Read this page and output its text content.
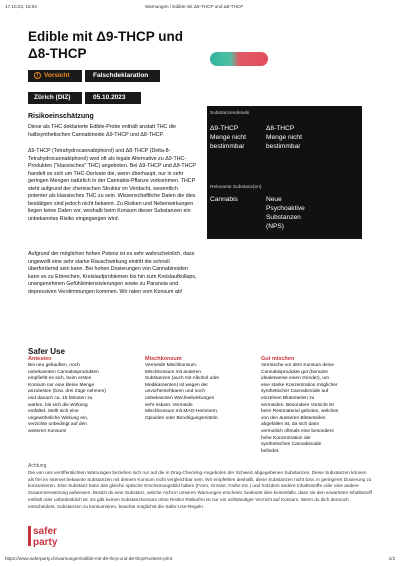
17.10.23, 15:54	Warnungen / Edible mit Δ9-THCP und Δ8-THCP
Edible mit Δ9-THCP und Δ8-THCP
! Vorsicht	Falschdeklaration
Zürich (DIZ)	05.10.2023
Risikoeinschätzung
Diese als THC deklarierte Edible-Probe enthält anstatt THC die halbsynthetischen Cannabinoide Δ9-THCP und Δ8-THCP.
Δ9-THCP (Tetrahydrocannabiphorol) und Δ8-THCP (Delta-8-Tetrahydrocannabiphorol) wird oft als legale Alternative zu Δ9-THC-Produkten ("klassisches" THC) angeboten. Bei Δ9-THCP und Δ8-THCP handelt es sich um THC-Derivate die, wenn überhaupt, nur in sehr geringen Mengen natürlich in der Cannabis-Pflanze vorkommen. THCP steht aufgrund der chemischen Struktur im Verdacht, wesentlich potenter als klassisches THC zu sein. Wissenschaftliche Daten die dies bestätigen sind jedoch nicht bekannt. Zu Risiken und Nebenwirkungen liegen keine Daten vor, weshalb beim Konsum dieser Substanzen ein unbekanntes Risiko eingegangen wird.
Aufgrund der möglichen hohen Potenz ist es sehr wahrscheinlich, dass ungewollt eine sehr starke Rauschwirkung eintritt die schnell überfordernd sein kann. Bei hohen Dosierungen von Cannabinoiden kann es zu Erbrechen, Kreislaufproblemen bis hin zum Kreislaufkollaps, unangenehmen Gefühlsintensivierungen sowie zu Paranoia und depressiven Verstimmungen kommen. Wir raten vom Konsum ab!
Substanzendetails
Δ9-THCP
Menge nicht bestimmbar
Δ8-THCP
Menge nicht bestimmbar
Relevante Substanz(en)
Cannabis	Neue Psychoaktive Substanzen (NPS)
Safer Use
Antesten
Bei neu gekauften, noch unbekannten Cannabisprodukten empfiehlt es sich, beim ersten Konsum nur eine kleine Menge anzutesten (bzw. drei Züge nehmen) und danach ca. 15 Minuten zu warten, bis sich die Wirkung entfaltet. Stellt sich eine ungewöhnliche Wirkung ein, verzichte unbedingt auf den weiteren Konsum!
Mischkonsum
Vermeide Mischkonsum. Mischkonsum mit anderen Substanzen (auch mit Alkohol oder Medikamenten) ist wegen der unvorhersehbaren und noch unbekannten Wechselwirkungen sehr riskant. Vermeide Mischkonsum mit MAO-Hemmern, Opioiden oder Beruhigungsmitteln.
Gut mischen
Vermische vor dem Konsum deine Cannabisprodukte gut (benutze idealerweise einen Grinder), um eine starke Konzentration möglicher synthetischer Cannabinoide auf einzelnen Blütenteilen zu vermeiden. Besondere Vorsicht ist beim Restmaterial geboten, welches von den äusseren Blütenteilen abgefallen ist, da sich darin vermutlich oftmals eine besonders hohe Konzentration der synthetischen Cannabinoide befindet.
Achtung
Die von uns veröffentlichten Warnungen beziehen sich nur auf die in Drug-Checking-Angeboten der Schweiz abgegebenen Substanzen. Diese Substanzen können als frei im Internet bekannte Substanzen mit deinem Konsum nicht vergleichbar sein. Wir empfehlen deshalb, diese Substanzen nicht bzw. in geringerer Dosierung zu konsumieren. Eine Substanz kann das gleiche optische Erscheinungsbild haben (Form, Grösse, Farbe etc.) und trotzdem andere Inhaltsstoffe oder eine andere Zusammensetzung aufweisen. Besitzt du eine Substanz, welche nicht in unseren Warnungen erscheint, bedeutet dies keinesfalls, dass sie den erwarteten Inhaltsstoff enthält oder unbedenklich ist. Es gibt keinen Substanzkonsum ohne Risiko! Risikofrei ist nur ein vollständiger Verzicht auf Konsum. Wenn du dich dennoch entscheidest, Substanzen zu konsumieren, beachte möglichst die Safer-Use-Regeln.
safer
party
https://www.saferparty.ch/warnungen/edible-mit-d9-thcp-und-d8-thcp#content-print	1/2
